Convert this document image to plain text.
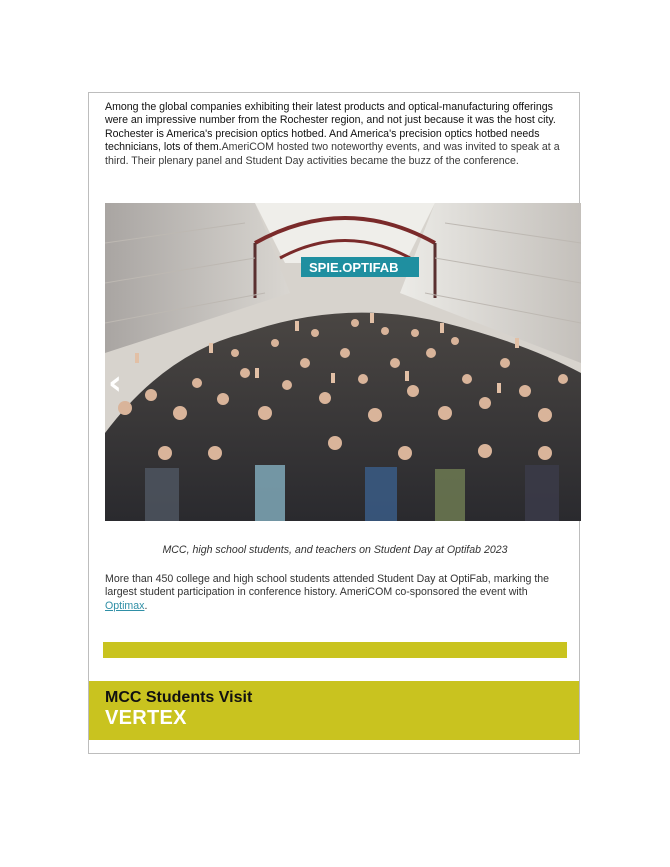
Among the global companies exhibiting their latest products and optical-manufacturing offerings were an impressive number from the Rochester region, and not just because it was the host city. Rochester is America's precision optics hotbed. And America's precision optics hotbed needs technicians, lots of them.AmeriCOM hosted two noteworthy events, and was invited to speak at a third. Their plenary panel and Student Day activities became the buzz of the conference.

SPIE.OPTIFAB
‹

MCC, high school students, and teachers on Student Day at Optifab 2023

More than 450 college and high school students attended Student Day at OptiFab, marking the largest student participation in conference history. AmeriCOM co-sponsored the event with Optimax.

MCC Students Visit

VERTEX
